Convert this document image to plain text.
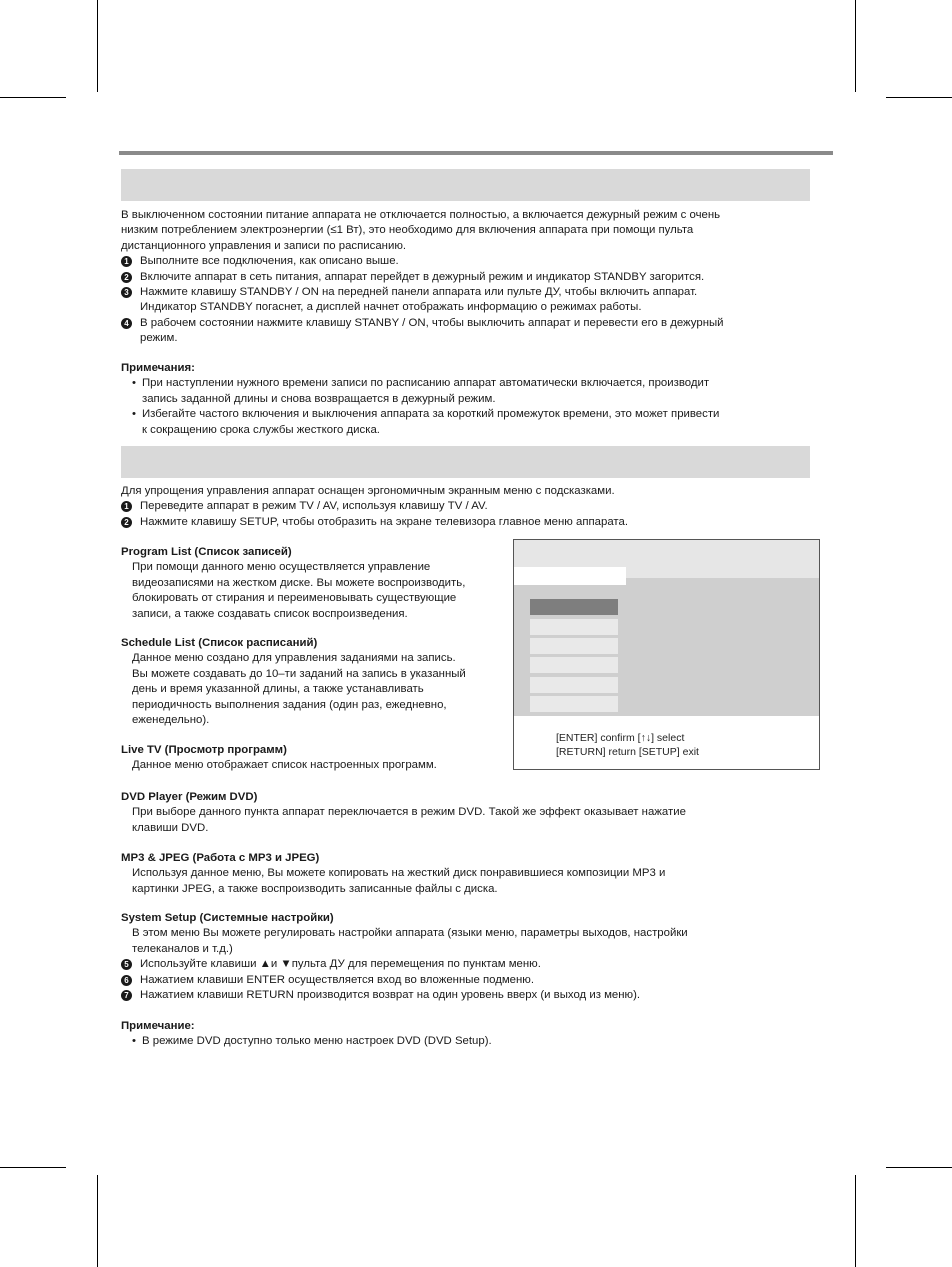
В выключенном состоянии питание аппарата не отключается полностью, а включается дежурный режим с очень

низким потреблением электроэнергии (≤1 Вт), это необходимо для включения аппарата при помощи пульта

дистанционного управления и записи по расписанию.

1 Выполните все подключения, как описано выше.
2 Включите аппарат в сеть питания, аппарат перейдет в дежурный режим и индикатор STANDBY загорится.
3 Нажмите клавишу STANDBY / ON на передней панели аппарата или пульте ДУ, чтобы включить аппарат.

Индикатор STANDBY погаснет, а дисплей начнет отображать информацию о режимах работы.

4 В рабочем состоянии нажмите клавишу STANBY / ON, чтобы выключить аппарат и перевести его в дежурный

режим.

Примечания:

• При наступлении нужного времени записи по расписанию аппарат автоматически включается, производит

запись заданной длины и снова возвращается в дежурный режим.

• Избегайте частого включения и выключения аппарата за короткий промежуток времени, это может привести

к сокращению срока службы жесткого диска.

Для упрощения управления аппарат оснащен эргономичным экранным меню с подсказками.

1 Переведите аппарат в режим TV / AV, используя клавишу TV / AV.
2 Нажмите клавишу SETUP, чтобы отобразить на экране телевизора главное меню аппарата.

Program List (Список записей)

При помощи данного меню осуществляется управление

видеозаписями на жестком диске. Вы можете воспроизводить,

блокировать от стирания и переименовывать существующие

записи, а также создавать список воспроизведения.

Schedule List (Список расписаний)

Данное меню создано для управления заданиями на запись.

Вы можете создавать до 10–ти заданий на запись в указанный

день и время указанной длины, а также устанавливать

периодичность выполнения задания (один раз, ежедневно,

еженедельно).

Live TV (Просмотр программ)

Данное меню отображает список настроенных программ.

DVD Player (Режим DVD)

При выборе данного пункта аппарат переключается в режим DVD. Такой же эффект оказывает нажатие

клавиши DVD.

MP3 & JPEG (Работа с MP3 и JPEG)

Используя данное меню, Вы можете копировать на жесткий диск понравившиеся композиции MP3 и

картинки JPEG, а также воспроизводить записанные файлы с диска.

System Setup (Системные настройки)

В этом меню Вы можете регулировать настройки аппарата (языки меню, параметры выходов, настройки

телеканалов и т.д.)

5 Используйте клавиши ▲и ▼пульта ДУ для перемещения по пунктам меню.
6 Нажатием клавиши ENTER осуществляется вход во вложенные подменю.
7 Нажатием клавиши RETURN производится возврат на один уровень вверх (и выход из меню).

Примечание:

• В режиме DVD доступно только меню настроек DVD (DVD Setup).
[ENTER] confirm [↑↓] select
[RETURN] return [SETUP] exit
